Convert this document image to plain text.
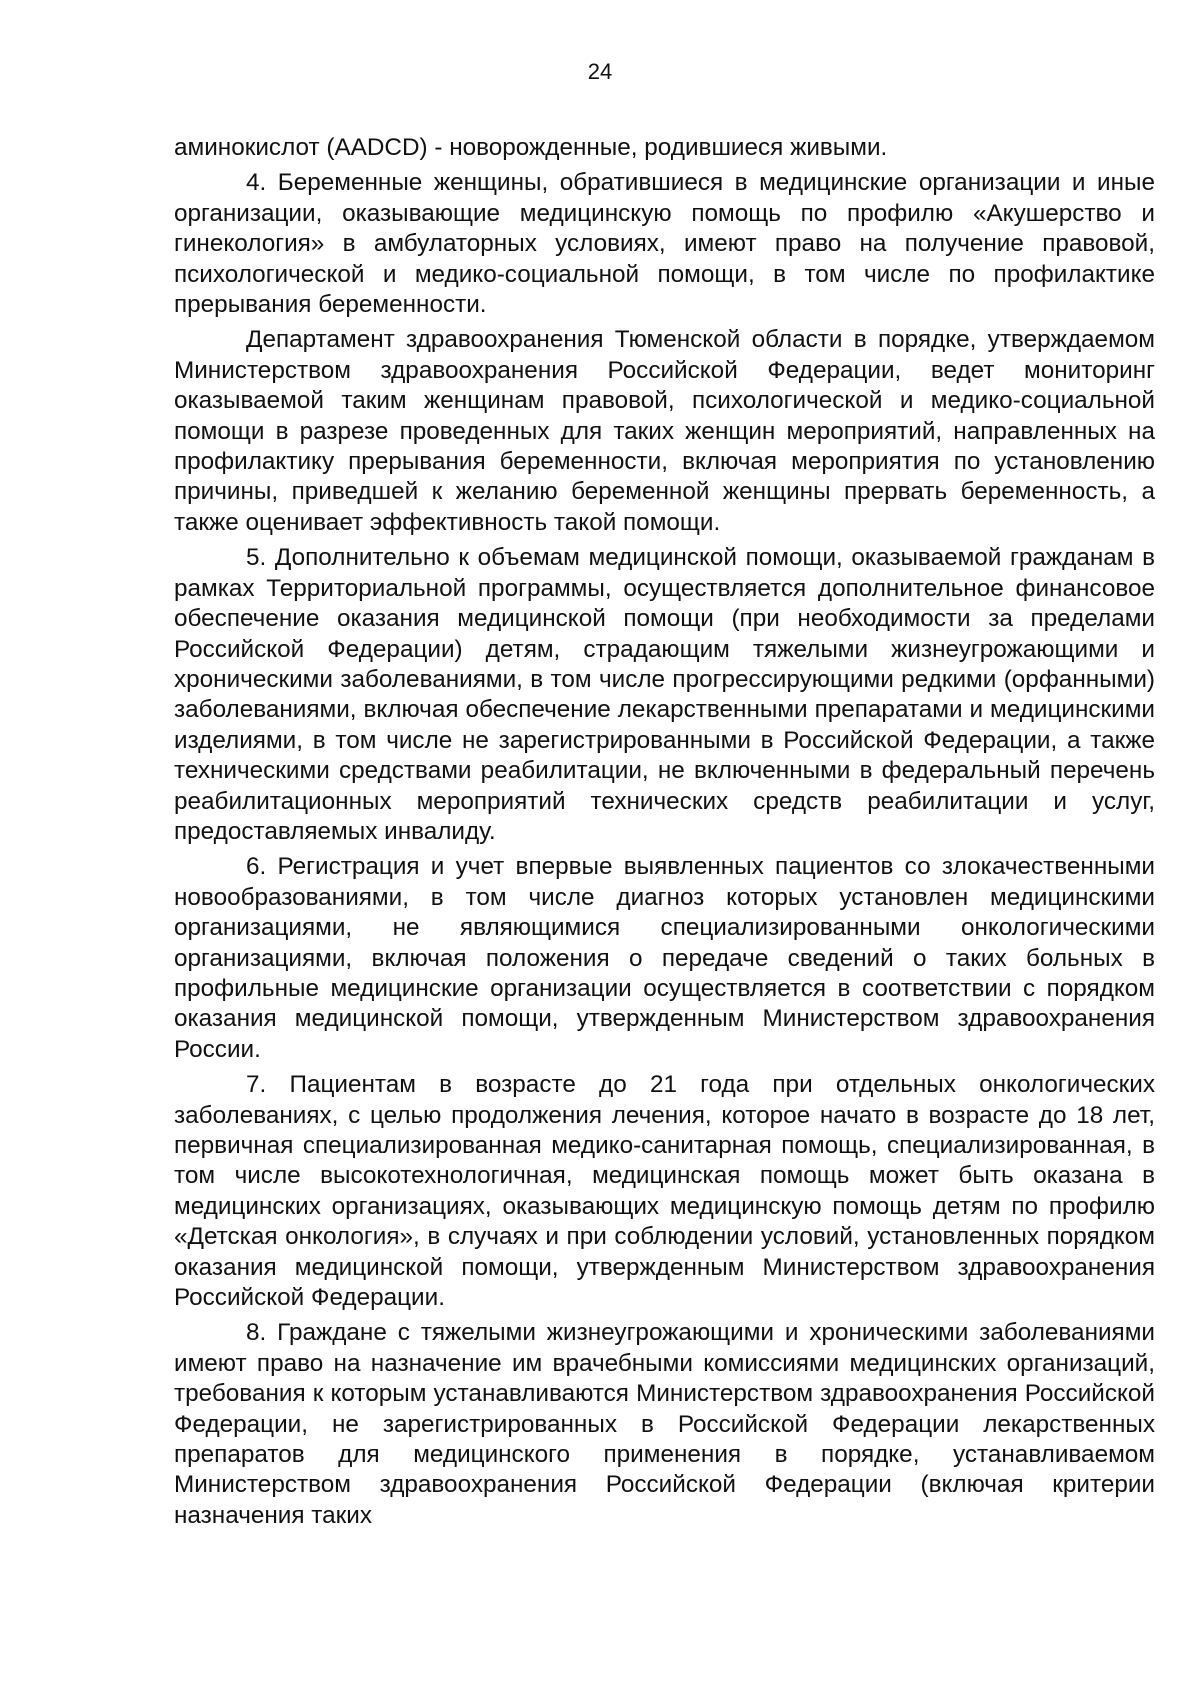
24

аминокислот (AADCD) - новорожденные, родившиеся живыми.

4. Беременные женщины, обратившиеся в медицинские организации и иные организации, оказывающие медицинскую помощь по профилю «Акушерство и гинекология» в амбулаторных условиях, имеют право на получение правовой, психологической и медико-социальной помощи, в том числе по профилактике прерывания беременности.

Департамент здравоохранения Тюменской области в порядке, утверждаемом Министерством здравоохранения Российской Федерации, ведет мониторинг оказываемой таким женщинам правовой, психологической и медико-социальной помощи в разрезе проведенных для таких женщин мероприятий, направленных на профилактику прерывания беременности, включая мероприятия по установлению причины, приведшей к желанию беременной женщины прервать беременность, а также оценивает эффективность такой помощи.

5. Дополнительно к объемам медицинской помощи, оказываемой гражданам в рамках Территориальной программы, осуществляется дополнительное финансовое обеспечение оказания медицинской помощи (при необходимости за пределами Российской Федерации) детям, страдающим тяжелыми жизнеугрожающими и хроническими заболеваниями, в том числе прогрессирующими редкими (орфанными) заболеваниями, включая обеспечение лекарственными препаратами и медицинскими изделиями, в том числе не зарегистрированными в Российской Федерации, а также техническими средствами реабилитации, не включенными в федеральный перечень реабилитационных мероприятий технических средств реабилитации и услуг, предоставляемых инвалиду.

6. Регистрация и учет впервые выявленных пациентов со злокачественными новообразованиями, в том числе диагноз которых установлен медицинскими организациями, не являющимися специализированными онкологическими организациями, включая положения о передаче сведений о таких больных в профильные медицинские организации осуществляется в соответствии с порядком оказания медицинской помощи, утвержденным Министерством здравоохранения России.

7. Пациентам в возрасте до 21 года при отдельных онкологических заболеваниях, с целью продолжения лечения, которое начато в возрасте до 18 лет, первичная специализированная медико-санитарная помощь, специализированная, в том числе высокотехнологичная, медицинская помощь может быть оказана в медицинских организациях, оказывающих медицинскую помощь детям по профилю «Детская онкология», в случаях и при соблюдении условий, установленных порядком оказания медицинской помощи, утвержденным Министерством здравоохранения Российской Федерации.

8. Граждане с тяжелыми жизнеугрожающими и хроническими заболеваниями имеют право на назначение им врачебными комиссиями медицинских организаций, требования к которым устанавливаются Министерством здравоохранения Российской Федерации, не зарегистрированных в Российской Федерации лекарственных препаратов для медицинского применения в порядке, устанавливаемом Министерством здравоохранения Российской Федерации (включая критерии назначения таких
